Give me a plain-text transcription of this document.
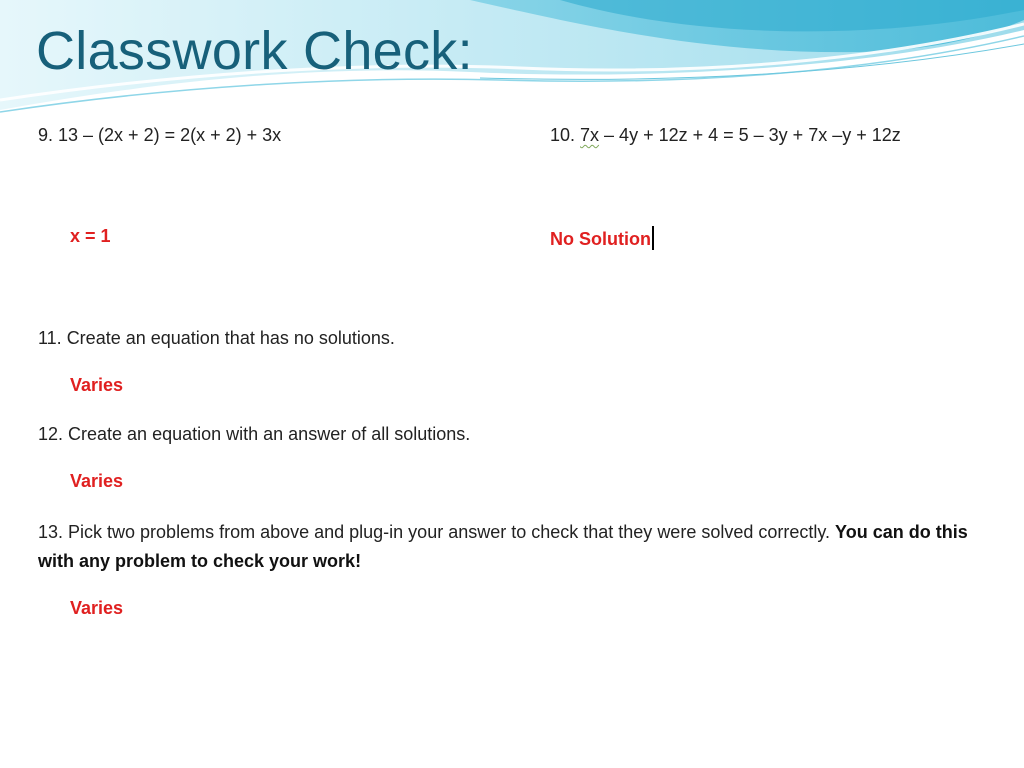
Classwork Check:
9. 13 – (2x + 2) = 2(x + 2) + 3x	10. 7x – 4y + 12z + 4 = 5 – 3y + 7x –y + 12z
x = 1	No Solution
11. Create an equation that has no solutions.
Varies
12. Create an equation with an answer of all solutions.
Varies
13. Pick two problems from above and plug-in your answer to check that they were solved correctly. You can do this with any problem to check your work!
Varies
